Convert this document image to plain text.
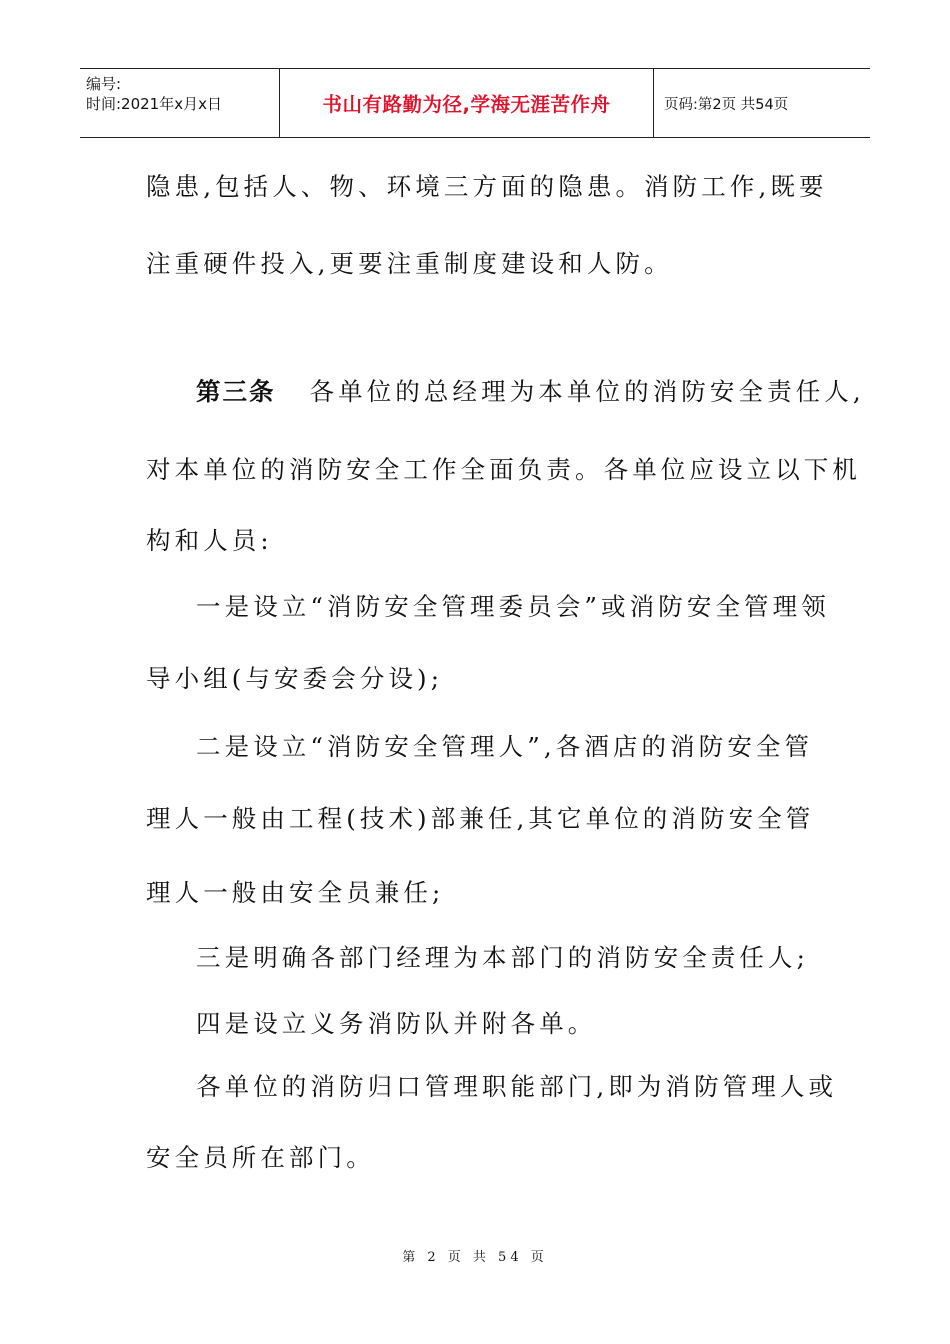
编号:
时间:2021年x月x日	书山有路勤为径,学海无涯苦作舟	页码:第2页 共54页
隐患,包括人、物、环境三方面的隐患。消防工作,既要
注重硬件投入,更要注重制度建设和人防。
第三条 各单位的总经理为本单位的消防安全责任人,
对本单位的消防安全工作全面负责。各单位应设立以下机
构和人员:
一是设立“消防安全管理委员会”或消防安全管理领
导小组(与安委会分设);
二是设立“消防安全管理人”,各酒店的消防安全管
理人一般由工程(技术)部兼任,其它单位的消防安全管
理人一般由安全员兼任;
三是明确各部门经理为本部门的消防安全责任人;
四是设立义务消防队并附各单。
各单位的消防归口管理职能部门,即为消防管理人或
安全员所在部门。
第 2 页 共 54 页
